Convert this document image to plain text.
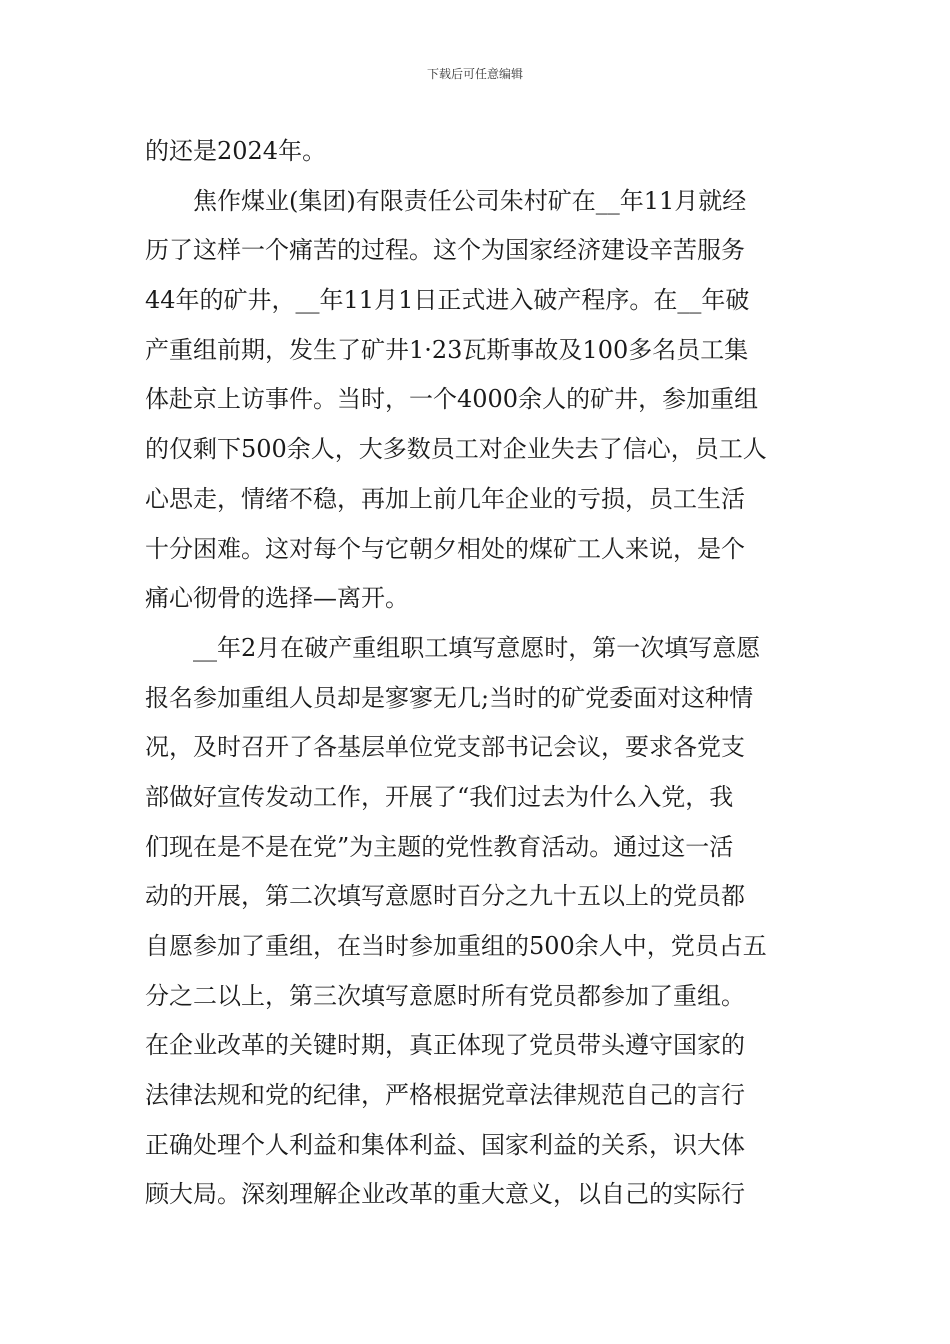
下载后可任意编辑
的还是2024年。
焦作煤业(集团)有限责任公司朱村矿在__年11月就经
历了这样一个痛苦的过程。这个为国家经济建设辛苦服务
44年的矿井，__年11月1日正式进入破产程序。在__年破
产重组前期，发生了矿井1·23瓦斯事故及100多名员工集
体赴京上访事件。当时，一个4000余人的矿井，参加重组
的仅剩下500余人，大多数员工对企业失去了信心，员工人
心思走，情绪不稳，再加上前几年企业的亏损，员工生活
十分困难。这对每个与它朝夕相处的煤矿工人来说，是个
痛心彻骨的选择—离开。
__年2月在破产重组职工填写意愿时，第一次填写意愿
报名参加重组人员却是寥寥无几;当时的矿党委面对这种情
况，及时召开了各基层单位党支部书记会议，要求各党支
部做好宣传发动工作，开展了“我们过去为什么入党，我
们现在是不是在党”为主题的党性教育活动。通过这一活
动的开展，第二次填写意愿时百分之九十五以上的党员都
自愿参加了重组，在当时参加重组的500余人中，党员占五
分之二以上，第三次填写意愿时所有党员都参加了重组。
在企业改革的关键时期，真正体现了党员带头遵守国家的
法律法规和党的纪律，严格根据党章法律规范自己的言行
正确处理个人利益和集体利益、国家利益的关系，识大体
顾大局。深刻理解企业改革的重大意义，以自己的实际行
